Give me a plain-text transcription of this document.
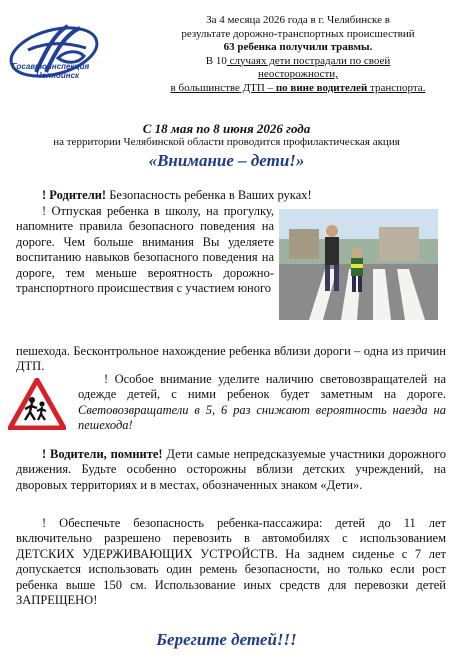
Госавтоинспекция
Челябинск
За 4 месяца 2026 года в г. Челябинске в
результате дорожно-транспортных происшествий
63 ребенка получили травмы.
В 10 случаях дети пострадали по своей
неосторожности,
в большинстве ДТП – по вине водителей транспорта.
С 18 мая по 8 июня 2026 года
на территории Челябинской области проводится профилактическая акция
«Внимание – дети!»
! Родители! Безопасность ребенка в Ваших руках!
! Отпуская ребенка в школу, на прогулку, напомните правила безопасного поведения на дороге. Чем больше внимания Вы уделяете воспитанию навыков безопасного поведения на дороге, тем меньше вероятность дорожно-транспортного происшествия с участием юного
пешехода. Бесконтрольное нахождение ребенка вблизи дороги – одна из причин ДТП.
! Особое внимание уделите наличию световозвращателей на одежде детей, с ними ребенок будет заметным на дороге. Световозвращатели в 5, 6 раз снижают вероятность наезда на пешехода!
! Водители, помните! Дети самые непредсказуемые участники дорожного движения. Будьте особенно осторожны вблизи детских учреждений, на дворовых территориях и в местах, обозначенных знаком «Дети».
! Обеспечьте безопасность ребенка-пассажира: детей до 11 лет включительно разрешено перевозить в автомобилях с использованием ДЕТСКИХ УДЕРЖИВАЮЩИХ УСТРОЙСТВ. На заднем сиденье с 7 лет допускается использовать один ремень безопасности, но только если рост ребенка выше 150 см. Использование иных средств для перевозки детей ЗАПРЕЩЕНО!
Берегите детей!!!
